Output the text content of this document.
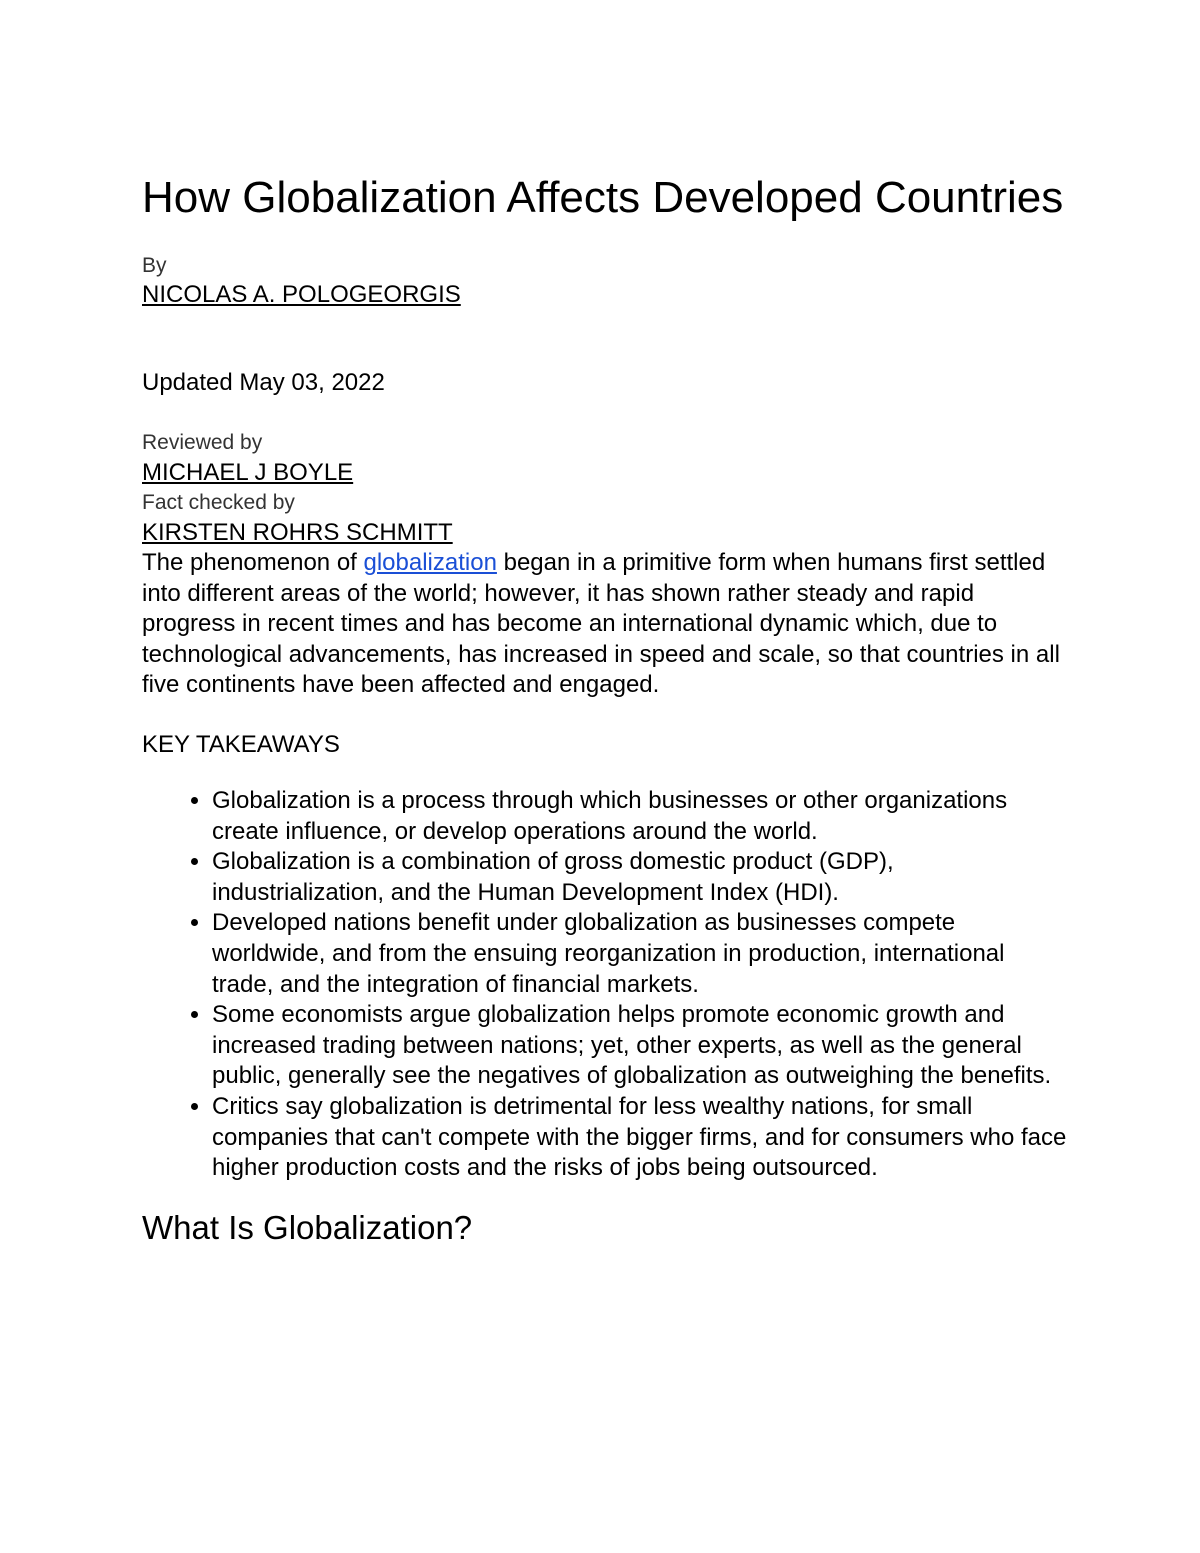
How Globalization Affects Developed Countries
By
NICOLAS A. POLOGEORGIS
Updated May 03, 2022
Reviewed by
MICHAEL J BOYLE
Fact checked by
KIRSTEN ROHRS SCHMITT

The phenomenon of globalization began in a primitive form when humans first settled into different areas of the world; however, it has shown rather steady and rapid progress in recent times and has become an international dynamic which, due to technological advancements, has increased in speed and scale, so that countries in all five continents have been affected and engaged.

KEY TAKEAWAYS
• Globalization is a process through which businesses or other organizations create influence, or develop operations around the world.
• Globalization is a combination of gross domestic product (GDP), industrialization, and the Human Development Index (HDI).
• Developed nations benefit under globalization as businesses compete worldwide, and from the ensuing reorganization in production, international trade, and the integration of financial markets.
• Some economists argue globalization helps promote economic growth and increased trading between nations; yet, other experts, as well as the general public, generally see the negatives of globalization as outweighing the benefits.
• Critics say globalization is detrimental for less wealthy nations, for small companies that can't compete with the bigger firms, and for consumers who face higher production costs and the risks of jobs being outsourced.
What Is Globalization?
